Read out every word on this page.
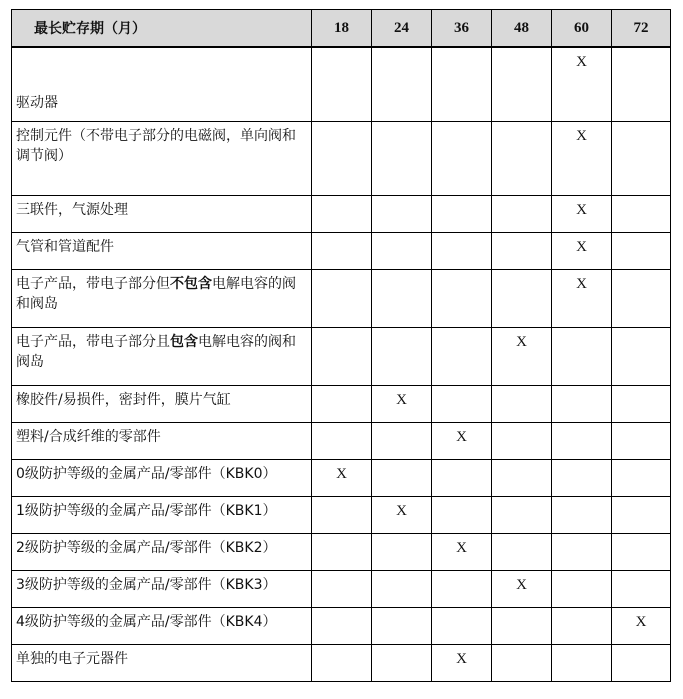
最长贮存期（月）	18	24	36	48	60	72
驱动器					X	
控制元件（不带电子部分的电磁阀，单向阀和调节阀）					X	
三联件，气源处理					X	
气管和管道配件					X	
电子产品，带电子部分但不包含电解电容的阀和阀岛					X	
电子产品，带电子部分且包含电解电容的阀和阀岛				X		
橡胶件/易损件，密封件，膜片气缸		X				
塑料/合成纤维的零部件			X			
0级防护等级的金属产品/零部件（KBK0）	X					
1级防护等级的金属产品/零部件（KBK1）		X				
2级防护等级的金属产品/零部件（KBK2）			X			
3级防护等级的金属产品/零部件（KBK3）				X		
4级防护等级的金属产品/零部件（KBK4）						X
单独的电子元器件			X			
